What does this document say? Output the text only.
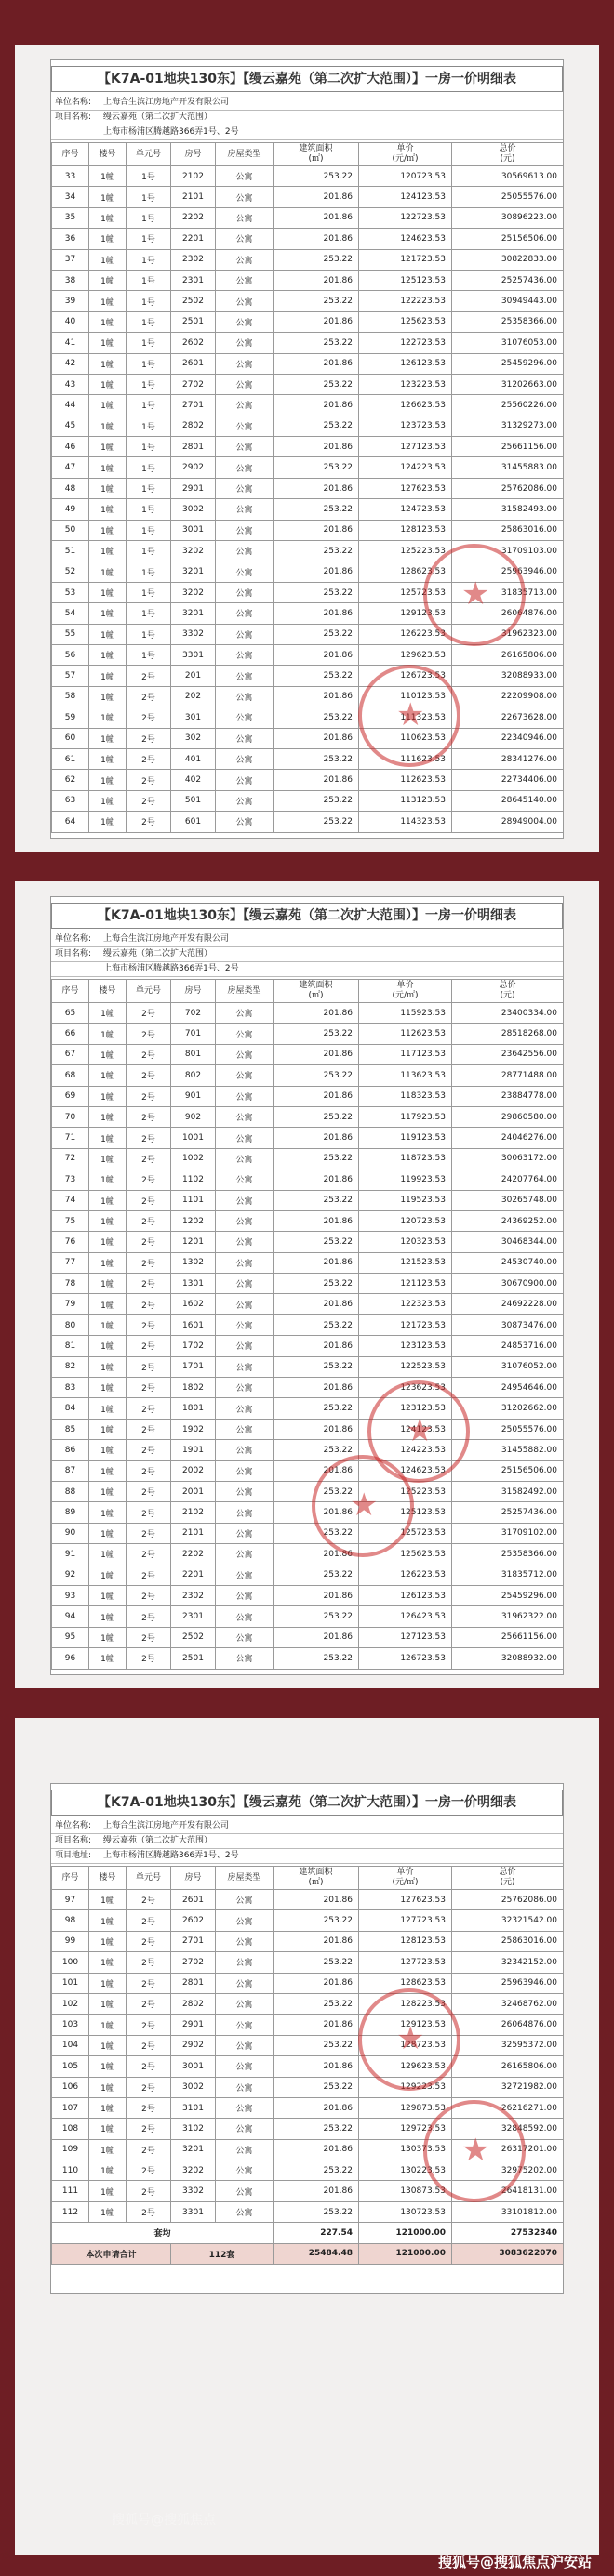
【K7A-01地块130东】【缦云嘉苑（第二次扩大范围）】一房一价明细表
单位名称: 上海合生滨江房地产开发有限公司
项目名称: 缦云嘉苑（第二次扩大范围）
上海市杨浦区腾越路366弄1号、2号
序号	楼号	单元号	房号	房屋类型	建筑面积
(㎡)	单价
(元/㎡)	总价
(元)
33	1幢	1号	2102	公寓	253.22	120723.53	30569613.00
34	1幢	1号	2101	公寓	201.86	124123.53	25055576.00
35	1幢	1号	2202	公寓	201.86	122723.53	30896223.00
36	1幢	1号	2201	公寓	201.86	124623.53	25156506.00
37	1幢	1号	2302	公寓	253.22	121723.53	30822833.00
38	1幢	1号	2301	公寓	201.86	125123.53	25257436.00
39	1幢	1号	2502	公寓	253.22	122223.53	30949443.00
40	1幢	1号	2501	公寓	201.86	125623.53	25358366.00
41	1幢	1号	2602	公寓	253.22	122723.53	31076053.00
42	1幢	1号	2601	公寓	201.86	126123.53	25459296.00
43	1幢	1号	2702	公寓	253.22	123223.53	31202663.00
44	1幢	1号	2701	公寓	201.86	126623.53	25560226.00
45	1幢	1号	2802	公寓	253.22	123723.53	31329273.00
46	1幢	1号	2801	公寓	201.86	127123.53	25661156.00
47	1幢	1号	2902	公寓	253.22	124223.53	31455883.00
48	1幢	1号	2901	公寓	201.86	127623.53	25762086.00
49	1幢	1号	3002	公寓	253.22	124723.53	31582493.00
50	1幢	1号	3001	公寓	201.86	128123.53	25863016.00
51	1幢	1号	3202	公寓	253.22	125223.53	31709103.00
52	1幢	1号	3201	公寓	201.86	128623.53	25963946.00
53	1幢	1号	3202	公寓	253.22	125723.53	31835713.00
54	1幢	1号	3201	公寓	201.86	129123.53	26064876.00
55	1幢	1号	3302	公寓	253.22	126223.53	31962323.00
56	1幢	1号	3301	公寓	201.86	129623.53	26165806.00
57	1幢	2号	201	公寓	253.22	126723.53	32088933.00
58	1幢	2号	202	公寓	201.86	110123.53	22209908.00
59	1幢	2号	301	公寓	253.22	111323.53	22673628.00
60	1幢	2号	302	公寓	201.86	110623.53	22340946.00
61	1幢	2号	401	公寓	253.22	111623.53	28341276.00
62	1幢	2号	402	公寓	201.86	112623.53	22734406.00
63	1幢	2号	501	公寓	253.22	113123.53	28645140.00
64	1幢	2号	601	公寓	253.22	114323.53	28949004.00
★
★
【K7A-01地块130东】【缦云嘉苑（第二次扩大范围）】一房一价明细表
单位名称: 上海合生滨江房地产开发有限公司
项目名称: 缦云嘉苑（第二次扩大范围）
上海市杨浦区腾越路366弄1号、2号
序号	楼号	单元号	房号	房屋类型	建筑面积
(㎡)	单价
(元/㎡)	总价
(元)
65	1幢	2号	702	公寓	201.86	115923.53	23400334.00
66	1幢	2号	701	公寓	253.22	112623.53	28518268.00
67	1幢	2号	801	公寓	201.86	117123.53	23642556.00
68	1幢	2号	802	公寓	253.22	113623.53	28771488.00
69	1幢	2号	901	公寓	201.86	118323.53	23884778.00
70	1幢	2号	902	公寓	253.22	117923.53	29860580.00
71	1幢	2号	1001	公寓	201.86	119123.53	24046276.00
72	1幢	2号	1002	公寓	253.22	118723.53	30063172.00
73	1幢	2号	1102	公寓	201.86	119923.53	24207764.00
74	1幢	2号	1101	公寓	253.22	119523.53	30265748.00
75	1幢	2号	1202	公寓	201.86	120723.53	24369252.00
76	1幢	2号	1201	公寓	253.22	120323.53	30468344.00
77	1幢	2号	1302	公寓	201.86	121523.53	24530740.00
78	1幢	2号	1301	公寓	253.22	121123.53	30670900.00
79	1幢	2号	1602	公寓	201.86	122323.53	24692228.00
80	1幢	2号	1601	公寓	253.22	121723.53	30873476.00
81	1幢	2号	1702	公寓	201.86	123123.53	24853716.00
82	1幢	2号	1701	公寓	253.22	122523.53	31076052.00
83	1幢	2号	1802	公寓	201.86	123623.53	24954646.00
84	1幢	2号	1801	公寓	253.22	123123.53	31202662.00
85	1幢	2号	1902	公寓	201.86	124123.53	25055576.00
86	1幢	2号	1901	公寓	253.22	124223.53	31455882.00
87	1幢	2号	2002	公寓	201.86	124623.53	25156506.00
88	1幢	2号	2001	公寓	253.22	125223.53	31582492.00
89	1幢	2号	2102	公寓	201.86	125123.53	25257436.00
90	1幢	2号	2101	公寓	253.22	125723.53	31709102.00
91	1幢	2号	2202	公寓	201.86	125623.53	25358366.00
92	1幢	2号	2201	公寓	253.22	126223.53	31835712.00
93	1幢	2号	2302	公寓	201.86	126123.53	25459296.00
94	1幢	2号	2301	公寓	253.22	126423.53	31962322.00
95	1幢	2号	2502	公寓	201.86	127123.53	25661156.00
96	1幢	2号	2501	公寓	253.22	126723.53	32088932.00
★
★
【K7A-01地块130东】【缦云嘉苑（第二次扩大范围）】一房一价明细表
单位名称: 上海合生滨江房地产开发有限公司
项目名称: 缦云嘉苑（第二次扩大范围）
项目地址: 上海市杨浦区腾越路366弄1号、2号
序号	楼号	单元号	房号	房屋类型	建筑面积
(㎡)	单价
(元/㎡)	总价
(元)
97	1幢	2号	2601	公寓	201.86	127623.53	25762086.00
98	1幢	2号	2602	公寓	253.22	127723.53	32321542.00
99	1幢	2号	2701	公寓	201.86	128123.53	25863016.00
100	1幢	2号	2702	公寓	253.22	127723.53	32342152.00
101	1幢	2号	2801	公寓	201.86	128623.53	25963946.00
102	1幢	2号	2802	公寓	253.22	128223.53	32468762.00
103	1幢	2号	2901	公寓	201.86	129123.53	26064876.00
104	1幢	2号	2902	公寓	253.22	128723.53	32595372.00
105	1幢	2号	3001	公寓	201.86	129623.53	26165806.00
106	1幢	2号	3002	公寓	253.22	129223.53	32721982.00
107	1幢	2号	3101	公寓	201.86	129873.53	26216271.00
108	1幢	2号	3102	公寓	253.22	129723.53	32848592.00
109	1幢	2号	3201	公寓	201.86	130373.53	26317201.00
110	1幢	2号	3202	公寓	253.22	130223.53	32975202.00
111	1幢	2号	3302	公寓	201.86	130873.53	26418131.00
112	1幢	2号	3301	公寓	253.22	130723.53	33101812.00
套均					227.54	121000.00	27532340
本次申请合计			112套		25484.48	121000.00	3083622070
★
★
搜狐号@搜狐焦点
搜狐号@搜狐焦点沪安站
